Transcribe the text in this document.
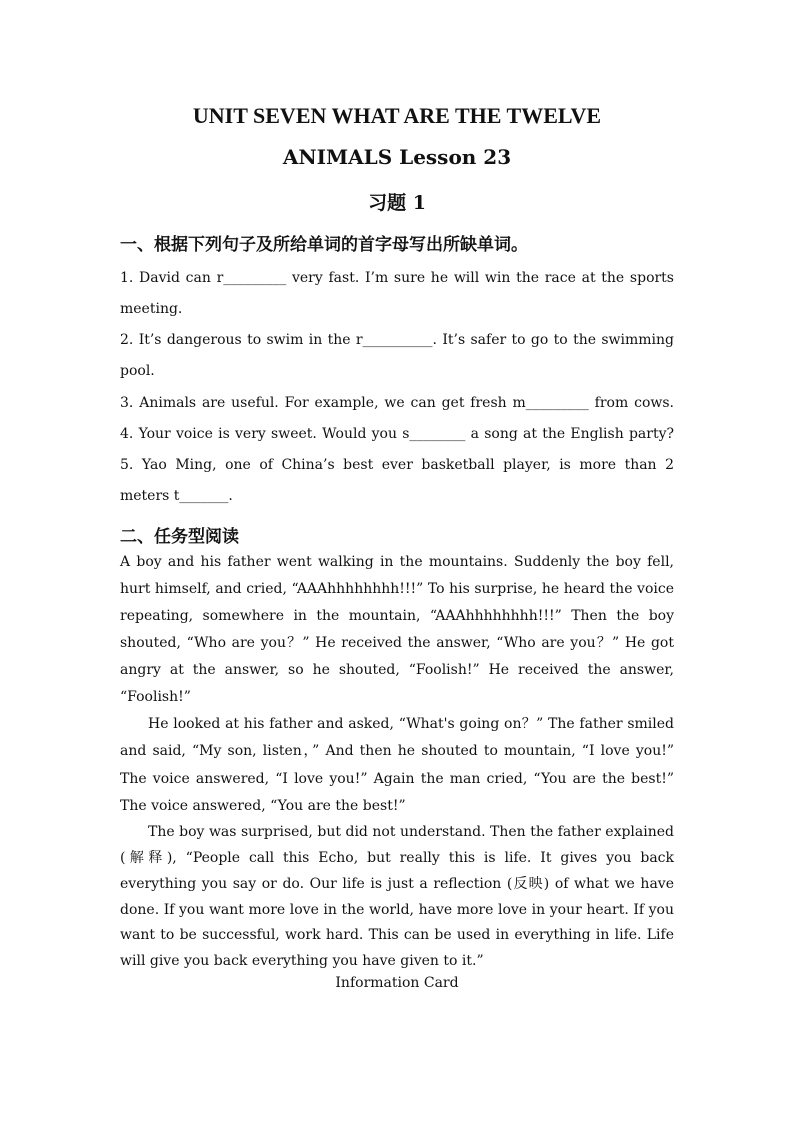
UNIT SEVEN WHAT ARE THE TWELVE
ANIMALS Lesson 23
习题 1
一、根据下列句子及所给单词的首字母写出所缺单词。

1. David can r_________ very fast. I’m sure he will win the race at the sports meeting.

2. It’s dangerous to swim in the r__________. It’s safer to go to the swimming pool.

3. Animals are useful. For example, we can get fresh m_________ from cows.

4. Your voice is very sweet. Would you s________ a song at the English party?

5. Yao Ming, one of China’s best ever basketball player, is more than 2 meters t_______.

二、任务型阅读

A boy and his father went walking in the mountains. Suddenly the boy fell, hurt himself, and cried, “AAAhhhhhhhh!!!” To his surprise, he heard the voice repeating, somewhere in the mountain, “AAAhhhhhhhh!!!” Then the boy shouted, “Who are you？” He received the answer, “Who are you？” He got angry at the answer, so he shouted, “Foolish!” He received the answer, “Foolish!”

He looked at his father and asked, “What's going on？” The father smiled and said, “My son, listen，” And then he shouted to mountain, “I love you!” The voice answered, “I love you!” Again the man cried, “You are the best!” The voice answered, “You are the best!”

The boy was surprised, but did not understand. Then the father explained (解释), “People call this Echo, but really this is life. It gives you back everything you say or do. Our life is just a reflection (反映) of what we have done. If you want more love in the world, have more love in your heart. If you want to be successful, work hard. This can be used in everything in life. Life will give you back everything you have given to it.”

Information Card
